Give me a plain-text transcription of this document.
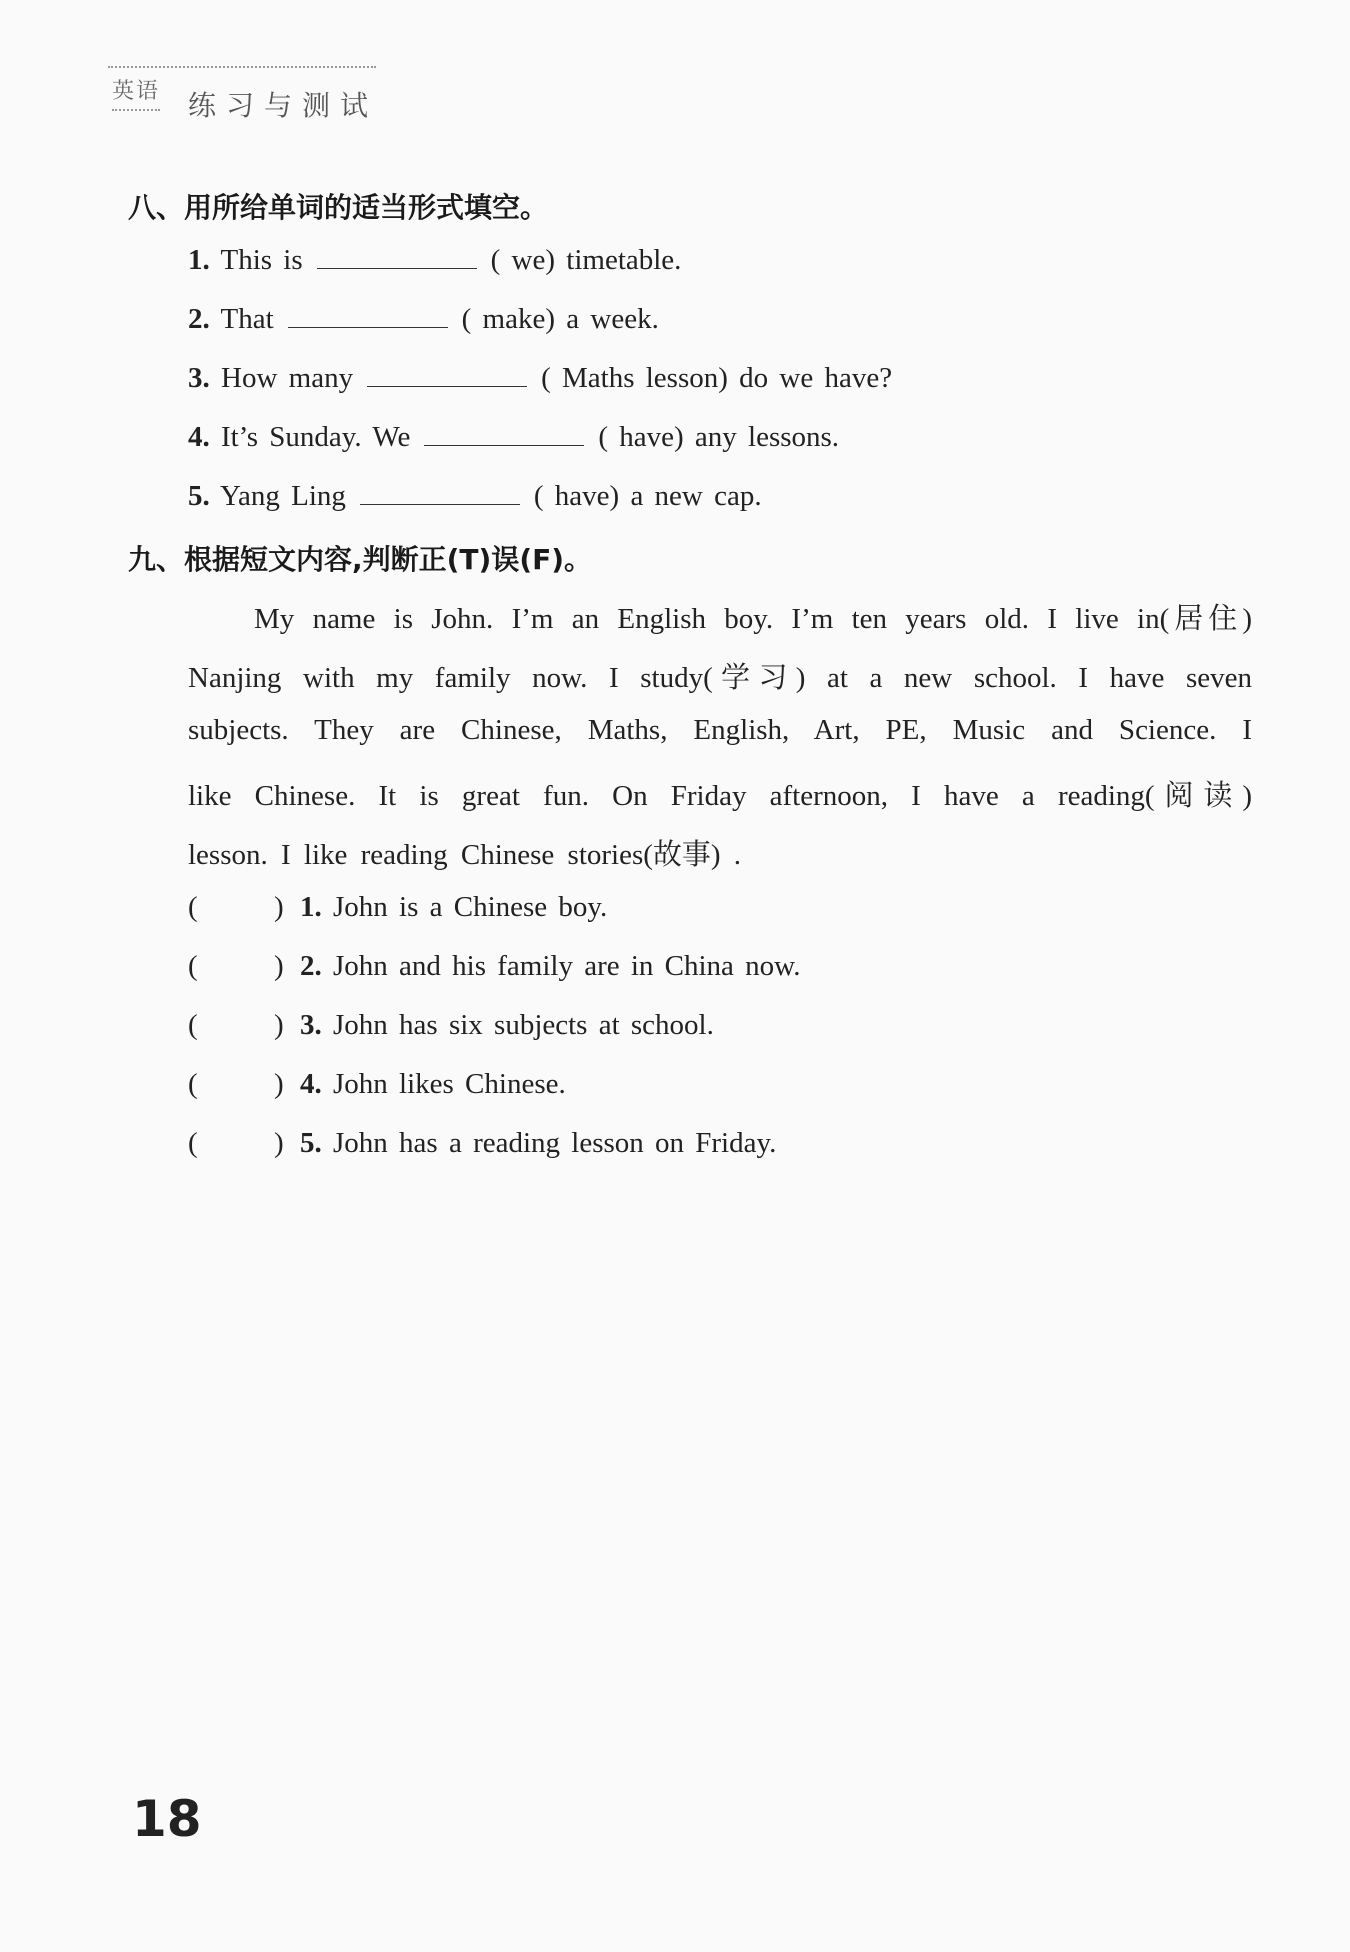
英语 练习与测试
八、用所给单词的适当形式填空。
1. This is	( we) timetable.
2. That	( make) a week.
3. How many	( Maths lesson) do we have?
4. It’s Sunday. We	( have) any lessons.
5. Yang Ling	( have) a new cap.
九、根据短文内容,判断正(T)误(F)。
My name is John. I’m an English boy. I’m ten years old. I live in(居住)
Nanjing with my family now. I study(学习) at a new school. I have seven
subjects. They are Chinese, Maths, English, Art, PE, Music and Science. I
like Chinese. It is great fun. On Friday afternoon, I have a reading(阅读)
lesson. I like reading Chinese stories(故事) .
(	) 1. John is a Chinese boy.
(	) 2. John and his family are in China now.
(	) 3. John has six subjects at school.
(	) 4. John likes Chinese.
(	) 5. John has a reading lesson on Friday.
18
